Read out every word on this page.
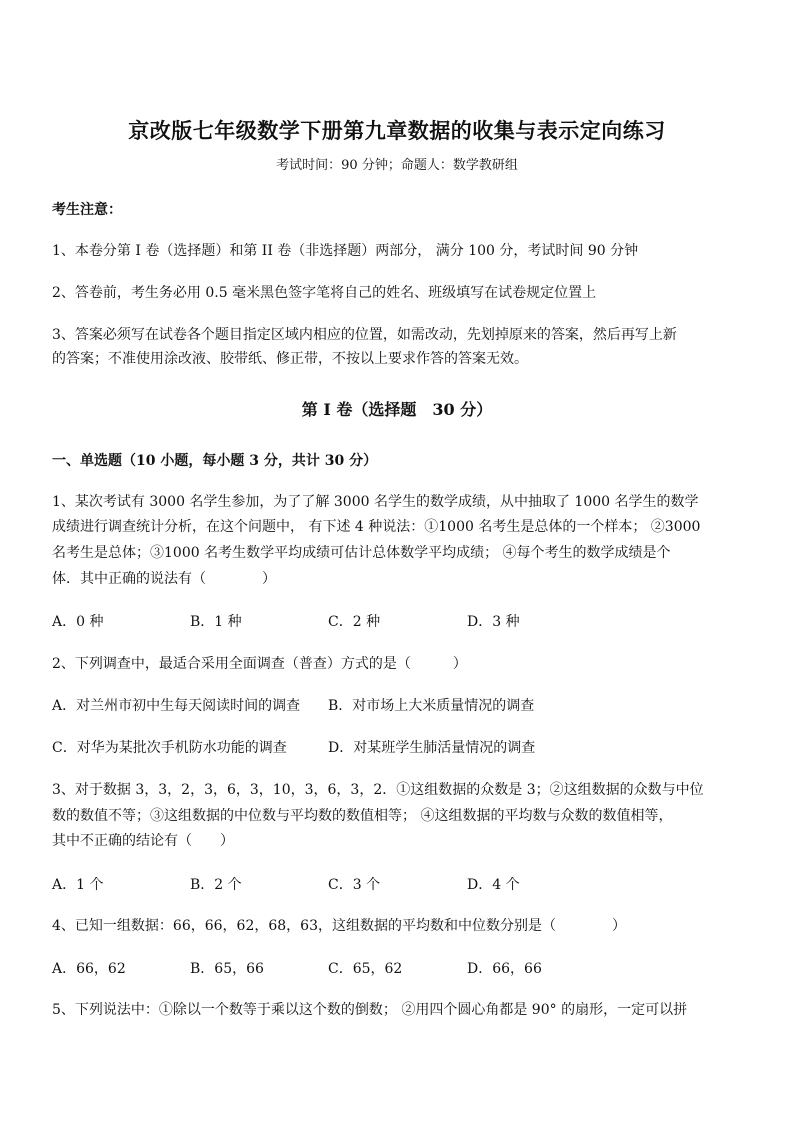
京改版七年级数学下册第九章数据的收集与表示定向练习
考试时间：90 分钟；命题人：数学教研组
考生注意：
1、本卷分第 I 卷（选择题）和第 II 卷（非选择题）两部分， 满分 100 分，考试时间 90 分钟
2、答卷前，考生务必用 0.5 毫米黑色签字笔将自己的姓名、班级填写在试卷规定位置上
3、答案必须写在试卷各个题目指定区域内相应的位置，如需改动，先划掉原来的答案，然后再写上新
的答案；不准使用涂改液、胶带纸、修正带，不按以上要求作答的答案无效。
第 I 卷（选择题　30 分）
一、单选题（10 小题，每小题 3 分，共计 30 分）
1、某次考试有 3000 名学生参加，为了了解 3000 名学生的数学成绩，从中抽取了 1000 名学生的数学
成绩进行调查统计分析，在这个问题中， 有下述 4 种说法：①1000 名考生是总体的一个样本； ②3000
名考生是总体；③1000 名考生数学平均成绩可估计总体数学平均成绩； ④每个考生的数学成绩是个
体．其中正确的说法有（　　　　）
A．0 种	B．1 种	C．2 种	D．3 种
2、下列调查中，最适合采用全面调查（普查）方式的是（　　　）
A．对兰州市初中生每天阅读时间的调查 B．对市场上大米质量情况的调查
C．对华为某批次手机防水功能的调查	D．对某班学生肺活量情况的调查
3、对于数据 3，3，2，3，6，3，10，3，6，3，2．①这组数据的众数是 3；②这组数据的众数与中位
数的数值不等；③这组数据的中位数与平均数的数值相等； ④这组数据的平均数与众数的数值相等，
其中不正确的结论有（　　）
A．1 个	B．2 个	C．3 个	D．4 个
4、已知一组数据：66，66，62，68，63，这组数据的平均数和中位数分别是（　　　　）
A．66，62	B．65，66	C．65，62	D．66，66
5、下列说法中：①除以一个数等于乘以这个数的倒数； ②用四个圆心角都是 90° 的扇形，一定可以拼
